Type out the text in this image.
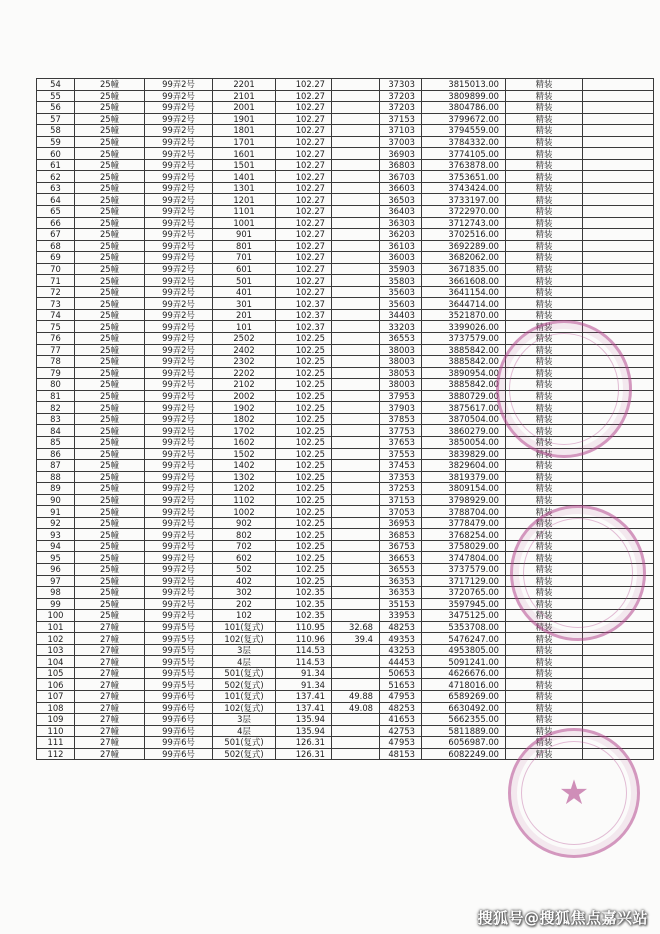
54	25幢	99弄2号	2201	102.27		37303	3815013.00	精装	
55	25幢	99弄2号	2101	102.27		37203	3809899.00	精装	
56	25幢	99弄2号	2001	102.27		37203	3804786.00	精装	
57	25幢	99弄2号	1901	102.27		37153	3799672.00	精装	
58	25幢	99弄2号	1801	102.27		37103	3794559.00	精装	
59	25幢	99弄2号	1701	102.27		37003	3784332.00	精装	
60	25幢	99弄2号	1601	102.27		36903	3774105.00	精装	
61	25幢	99弄2号	1501	102.27		36803	3763878.00	精装	
62	25幢	99弄2号	1401	102.27		36703	3753651.00	精装	
63	25幢	99弄2号	1301	102.27		36603	3743424.00	精装	
64	25幢	99弄2号	1201	102.27		36503	3733197.00	精装	
65	25幢	99弄2号	1101	102.27		36403	3722970.00	精装	
66	25幢	99弄2号	1001	102.27		36303	3712743.00	精装	
67	25幢	99弄2号	901	102.27		36203	3702516.00	精装	
68	25幢	99弄2号	801	102.27		36103	3692289.00	精装	
69	25幢	99弄2号	701	102.27		36003	3682062.00	精装	
70	25幢	99弄2号	601	102.27		35903	3671835.00	精装	
71	25幢	99弄2号	501	102.27		35803	3661608.00	精装	
72	25幢	99弄2号	401	102.27		35603	3641154.00	精装	
73	25幢	99弄2号	301	102.37		35603	3644714.00	精装	
74	25幢	99弄2号	201	102.37		34403	3521870.00	精装	
75	25幢	99弄2号	101	102.37		33203	3399026.00	精装	
76	25幢	99弄2号	2502	102.25		36553	3737579.00	精装	
77	25幢	99弄2号	2402	102.25		38003	3885842.00	精装	
78	25幢	99弄2号	2302	102.25		38003	3885842.00	精装	
79	25幢	99弄2号	2202	102.25		38053	3890954.00	精装	
80	25幢	99弄2号	2102	102.25		38003	3885842.00	精装	
81	25幢	99弄2号	2002	102.25		37953	3880729.00	精装	
82	25幢	99弄2号	1902	102.25		37903	3875617.00	精装	
83	25幢	99弄2号	1802	102.25		37853	3870504.00	精装	
84	25幢	99弄2号	1702	102.25		37753	3860279.00	精装	
85	25幢	99弄2号	1602	102.25		37653	3850054.00	精装	
86	25幢	99弄2号	1502	102.25		37553	3839829.00	精装	
87	25幢	99弄2号	1402	102.25		37453	3829604.00	精装	
88	25幢	99弄2号	1302	102.25		37353	3819379.00	精装	
89	25幢	99弄2号	1202	102.25		37253	3809154.00	精装	
90	25幢	99弄2号	1102	102.25		37153	3798929.00	精装	
91	25幢	99弄2号	1002	102.25		37053	3788704.00	精装	
92	25幢	99弄2号	902	102.25		36953	3778479.00	精装	
93	25幢	99弄2号	802	102.25		36853	3768254.00	精装	
94	25幢	99弄2号	702	102.25		36753	3758029.00	精装	
95	25幢	99弄2号	602	102.25		36653	3747804.00	精装	
96	25幢	99弄2号	502	102.25		36553	3737579.00	精装	
97	25幢	99弄2号	402	102.25		36353	3717129.00	精装	
98	25幢	99弄2号	302	102.35		36353	3720765.00	精装	
99	25幢	99弄2号	202	102.35		35153	3597945.00	精装	
100	25幢	99弄2号	102	102.35		33953	3475125.00	精装	
101	27幢	99弄5号	101(复式)	110.95	32.68	48253	5353708.00	精装	
102	27幢	99弄5号	102(复式)	110.96	39.4	49353	5476247.00	精装	
103	27幢	99弄5号	3层	114.53		43253	4953805.00	精装	
104	27幢	99弄5号	4层	114.53		44453	5091241.00	精装	
105	27幢	99弄5号	501(复式)	91.34		50653	4626676.00	精装	
106	27幢	99弄5号	502(复式)	91.34		51653	4718016.00	精装	
107	27幢	99弄6号	101(复式)	137.41	49.88	47953	6589269.00	精装	
108	27幢	99弄6号	102(复式)	137.41	49.08	48253	6630492.00	精装	
109	27幢	99弄6号	3层	135.94		41653	5662355.00	精装	
110	27幢	99弄6号	4层	135.94		42753	5811889.00	精装	
111	27幢	99弄6号	501(复式)	126.31		47953	6056987.00	精装	
112	27幢	99弄6号	502(复式)	126.31		48153	6082249.00	精装	
★
搜狐号@搜狐焦点嘉兴站
